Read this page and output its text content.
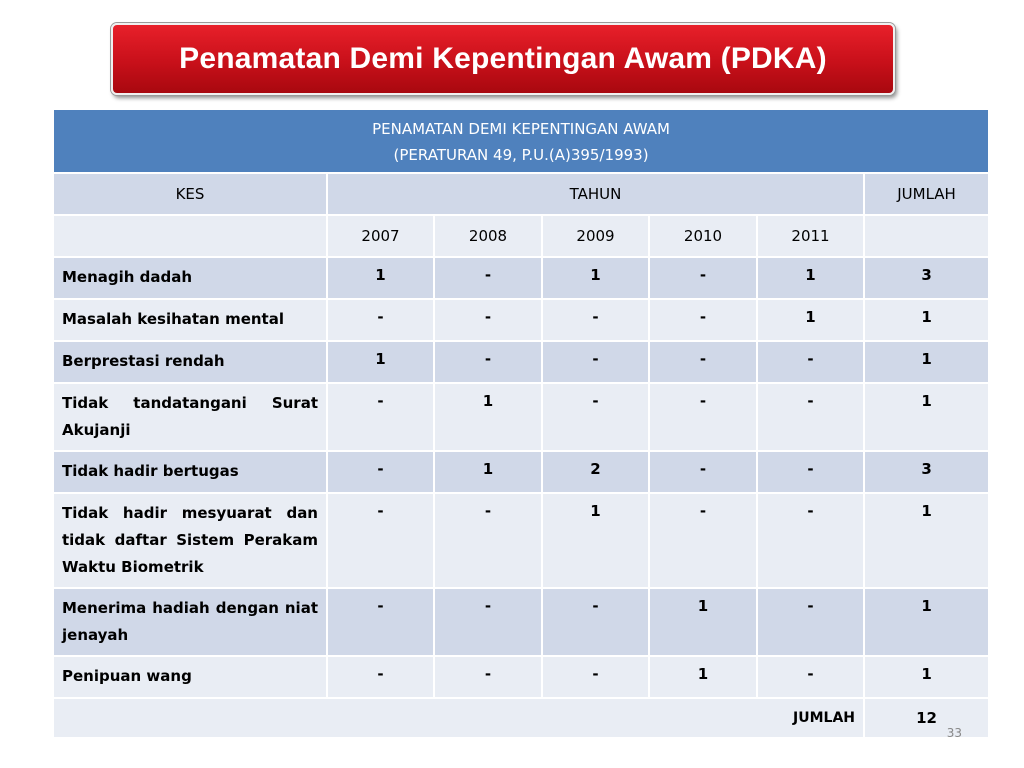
Penamatan Demi Kepentingan Awam (PDKA)
PENAMATAN DEMI KEPENTINGAN AWAM
(PERATURAN 49, P.U.(A)395/1993)						

KES	TAHUN					JUMLAH
	2007	2008	2009	2010	2011	
Menagih dadah	1	-	1	-	1	3
Masalah kesihatan mental	-	-	-	-	1	1
Berprestasi rendah	1	-	-	-	-	1
Tidak tandatangani Surat Akujanji	-	1	-	-	-	1
Tidak hadir bertugas	-	1	2	-	-	3
Tidak hadir mesyuarat dan tidak daftar Sistem Perakam Waktu Biometrik	-	-	1	-	-	1
Menerima hadiah dengan niat jenayah	-	-	-	1	-	1
Penipuan wang	-	-	-	1	-	1
JUMLAH						12
33
